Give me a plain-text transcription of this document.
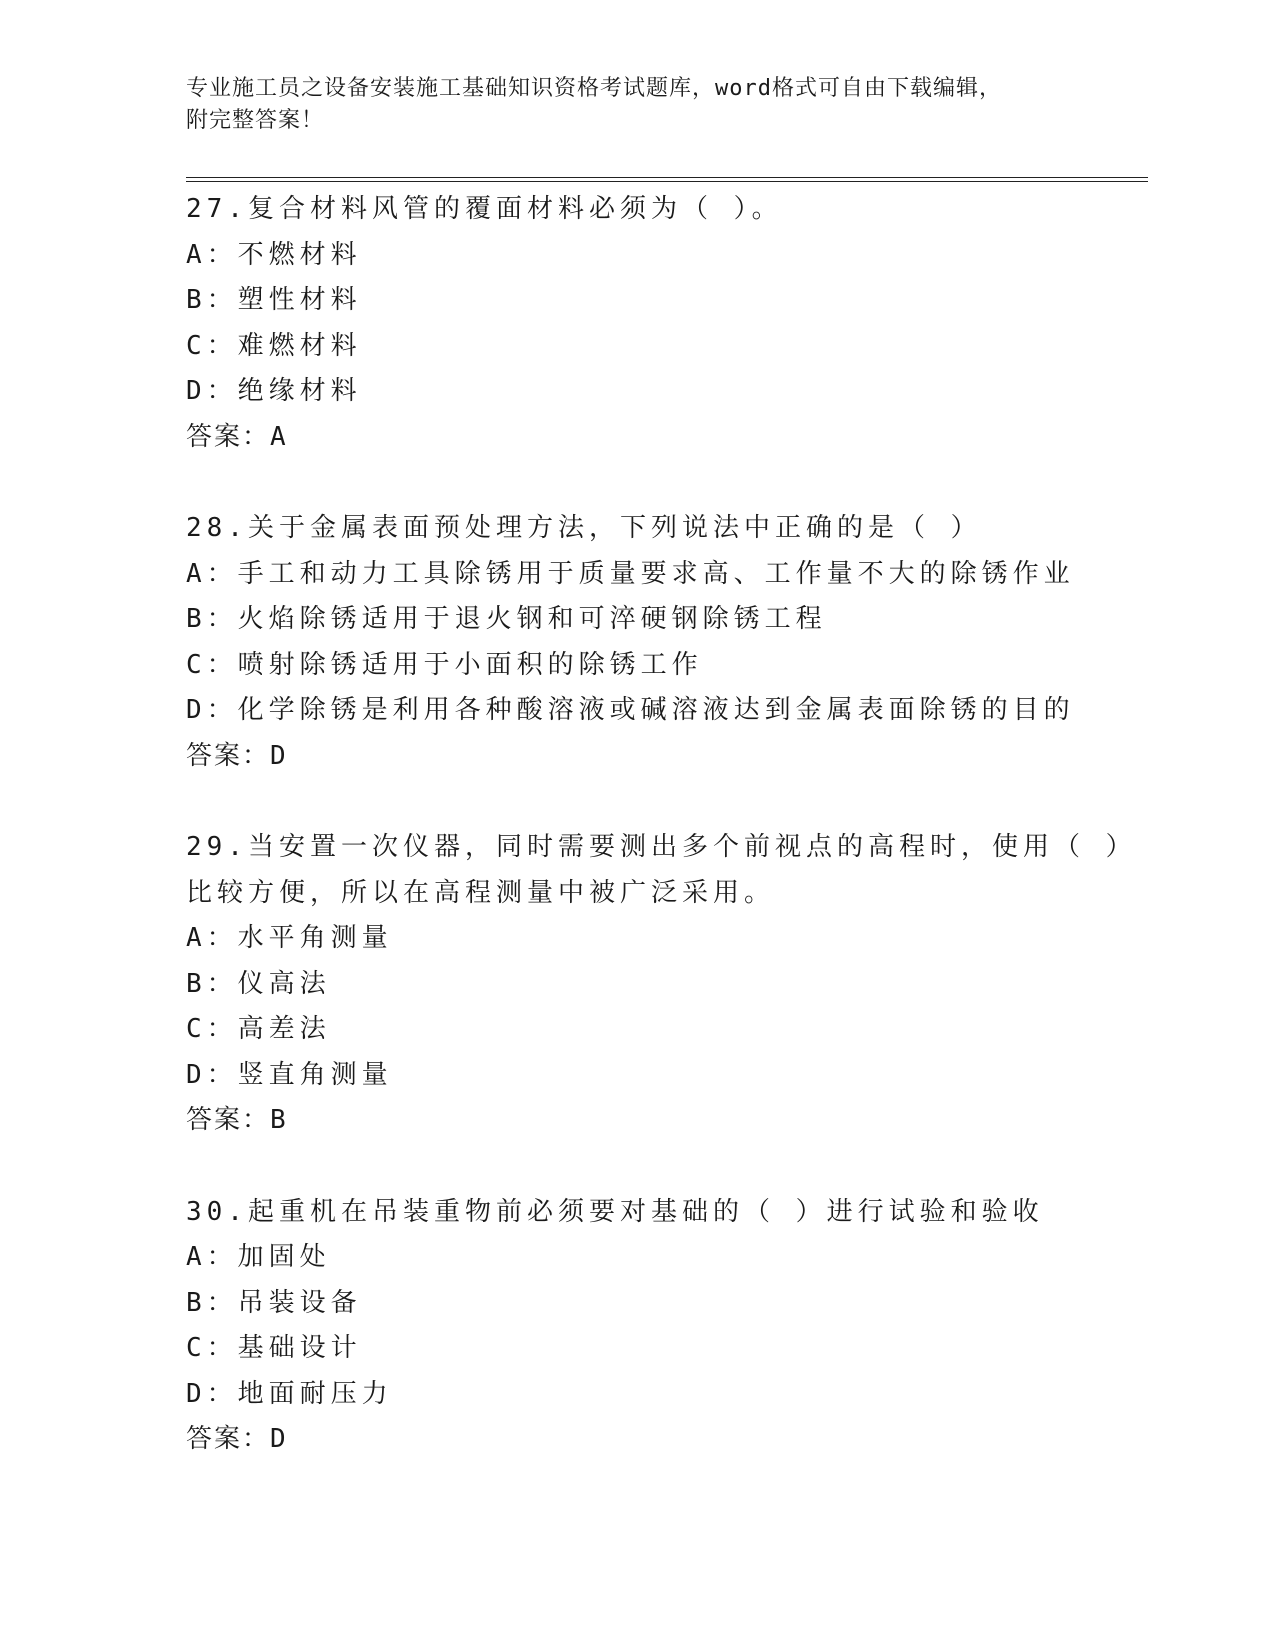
专业施工员之设备安装施工基础知识资格考试题库，word格式可自由下载编辑，
附完整答案！
27.复合材料风管的覆面材料必须为（ ）。
A：不燃材料
B：塑性材料
C：难燃材料
D：绝缘材料
答案：A
28.关于金属表面预处理方法，下列说法中正确的是（ ）
A：手工和动力工具除锈用于质量要求高、工作量不大的除锈作业
B：火焰除锈适用于退火钢和可淬硬钢除锈工程
C：喷射除锈适用于小面积的除锈工作
D：化学除锈是利用各种酸溶液或碱溶液达到金属表面除锈的目的
答案：D
29.当安置一次仪器，同时需要测出多个前视点的高程时，使用（ ）
比较方便，所以在高程测量中被广泛采用。
A：水平角测量
B：仪高法
C：高差法
D：竖直角测量
答案：B
30.起重机在吊装重物前必须要对基础的（ ）进行试验和验收
A：加固处
B：吊装设备
C：基础设计
D：地面耐压力
答案：D
